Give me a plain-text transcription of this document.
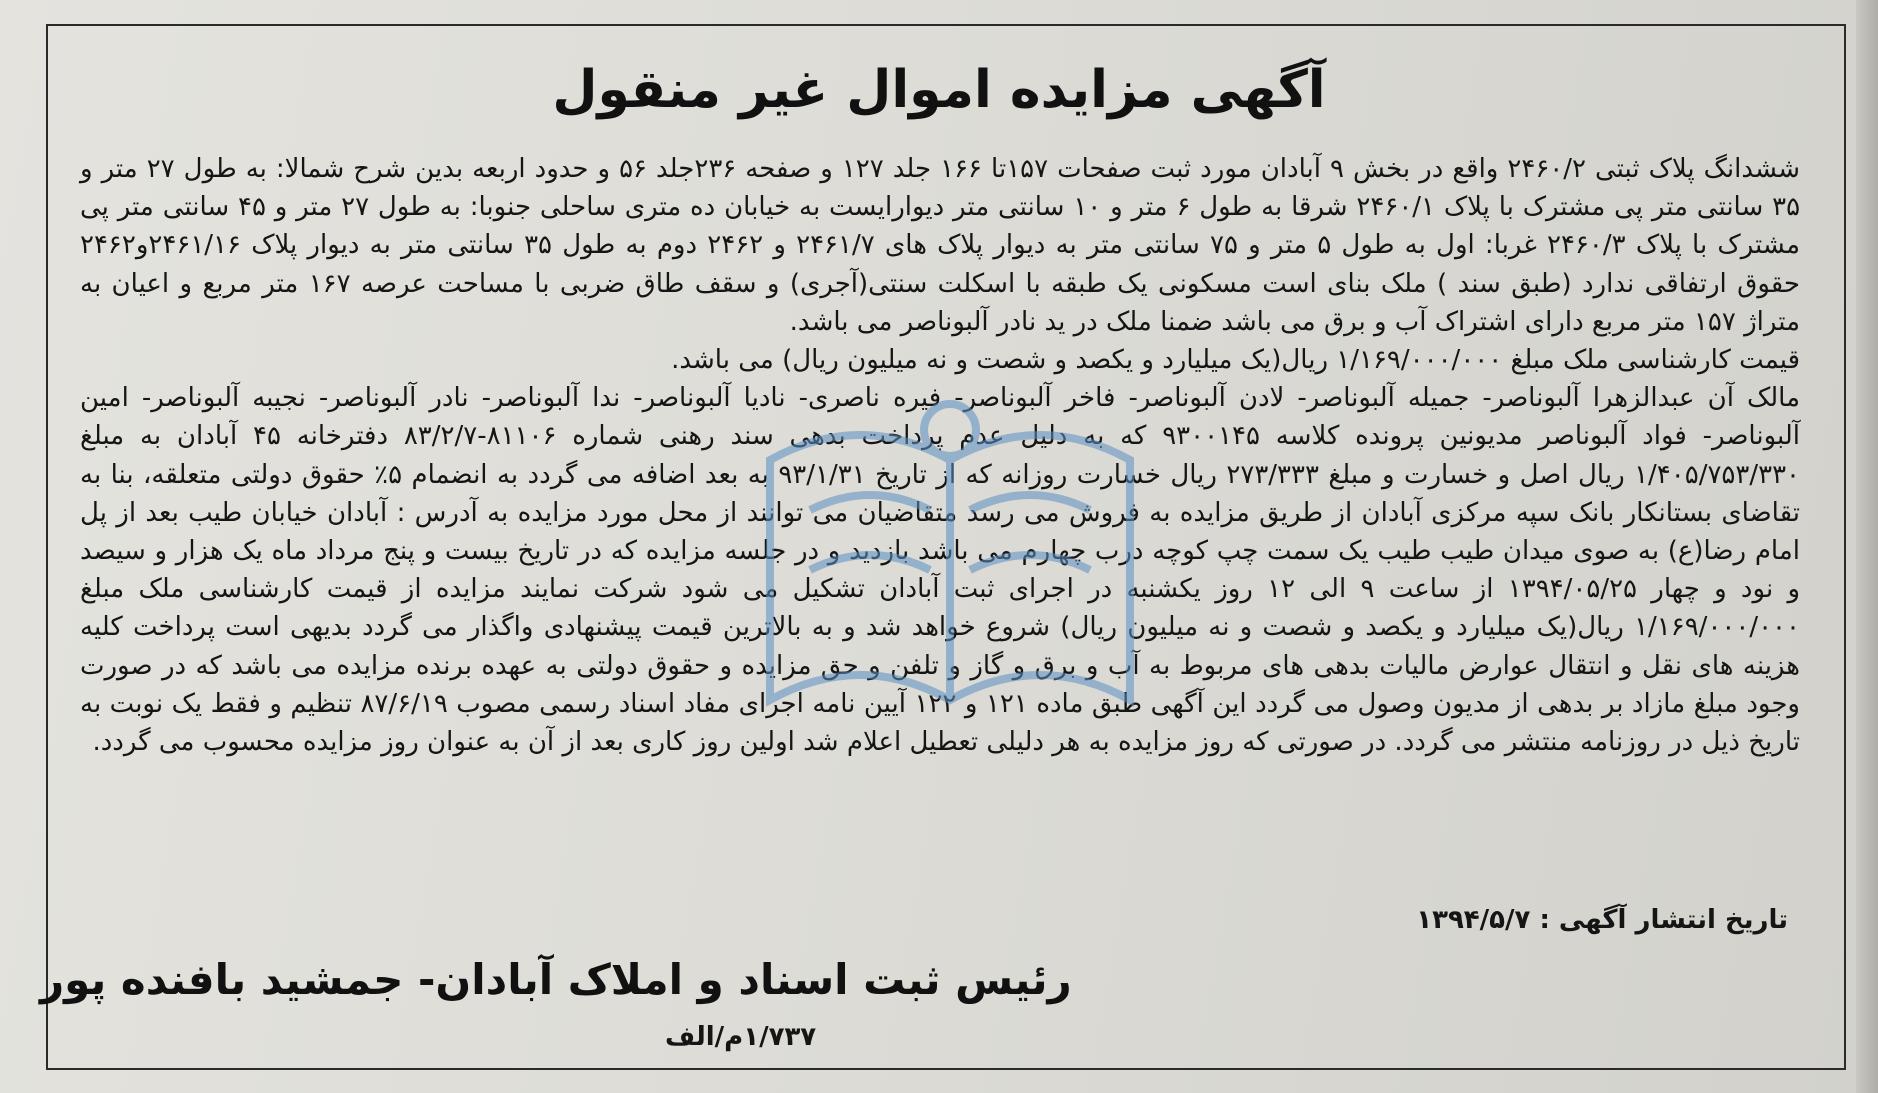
آگهی مزایده اموال غیر منقول

ششدانگ پلاک ثبتی ۲۴۶۰/۲ واقع در بخش ۹ آبادان مورد ثبت صفحات ۱۵۷تا ۱۶۶ جلد ۱۲۷ و صفحه ۲۳۶جلد ۵۶ و حدود اربعه بدین شرح شمالا: به طول ۲۷ متر و ۳۵ سانتی متر پی مشترک با پلاک ۲۴۶۰/۱ شرقا به طول ۶ متر و ۱۰ سانتی متر دیوارایست به خیابان ده متری ساحلی جنوبا: به طول ۲۷ متر و ۴۵ سانتی متر پی مشترک با پلاک ۲۴۶۰/۳ غربا: اول به طول ۵ متر و ۷۵ سانتی متر به دیوار پلاک های ۲۴۶۱/۷ و ۲۴۶۲ دوم به طول ۳۵ سانتی متر به دیوار پلاک ۲۴۶۱/۱۶و۲۴۶۲ حقوق ارتفاقی ندارد (طبق سند ) ملک بنای است مسکونی یک طبقه با اسکلت سنتی(آجری) و سقف طاق ضربی با مساحت عرصه ۱۶۷ متر مربع و اعیان به متراژ ۱۵۷ متر مربع دارای اشتراک آب و برق می باشد ضمنا ملک در ید نادر آلبوناصر می باشد.

قیمت کارشناسی ملک مبلغ ۱/۱۶۹/۰۰۰/۰۰۰ ریال(یک میلیارد و یکصد و شصت و نه میلیون ریال) می باشد.

مالک آن عبدالزهرا آلبوناصر- جمیله آلبوناصر- لادن آلبوناصر- فاخر آلبوناصر- فیره ناصری- نادیا آلبوناصر- ندا آلبوناصر- نادر آلبوناصر- نجیبه آلبوناصر- امین آلبوناصر- فواد آلبوناصر مدیونین پرونده کلاسه ۹۳۰۰۱۴۵ که به دلیل عدم پرداخت بدهی سند رهنی شماره ۸۱۱۰۶-۸۳/۲/۷ دفترخانه ۴۵ آبادان به مبلغ ۱/۴۰۵/۷۵۳/۳۳۰ ریال اصل و خسارت و مبلغ ۲۷۳/۳۳۳ ریال خسارت روزانه که از تاریخ ۹۳/۱/۳۱ به بعد اضافه می گردد به انضمام ۵٪ حقوق دولتی متعلقه، بنا به تقاضای بستانکار بانک سپه مرکزی آبادان از طریق مزایده به فروش می رسد متقاضیان می توانند از محل مورد مزایده به آدرس : آبادان خیابان طیب بعد از پل امام رضا(ع) به صوی میدان طیب طیب یک سمت چپ کوچه درب چهارم می باشد بازدید و در جلسه مزایده که در تاریخ بیست و پنج مرداد ماه یک هزار و سیصد و نود و چهار ۱۳۹۴/۰۵/۲۵ از ساعت ۹ الی ۱۲ روز یکشنبه در اجرای ثبت آبادان تشکیل می شود شرکت نمایند مزایده از قیمت کارشناسی ملک مبلغ ۱/۱۶۹/۰۰۰/۰۰۰ ریال(یک میلیارد و یکصد و شصت و نه میلیون ریال) شروع خواهد شد و به بالاترین قیمت پیشنهادی واگذار می گردد بدیهی است پرداخت کلیه هزینه های نقل و انتقال عوارض مالیات بدهی های مربوط به آب و برق و گاز و تلفن و حق مزایده و حقوق دولتی به عهده برنده مزایده می باشد که در صورت وجود مبلغ مازاد بر بدهی از مدیون وصول می گردد این آگهی طبق ماده ۱۲۱ و ۱۲۲ آیین نامه اجرای مفاد اسناد رسمی مصوب ۸۷/۶/۱۹ تنظیم و فقط یک نوبت به تاریخ ذیل در روزنامه منتشر می گردد. در صورتی که روز مزایده به هر دلیلی تعطیل اعلام شد اولین روز کاری بعد از آن به عنوان روز مزایده محسوب می گردد.

تاریخ انتشار آگهی : ۱۳۹۴/۵/۷
رئیس ثبت اسناد و املاک آبادان- جمشید بافنده پور
۱/۷۳۷م/الف
